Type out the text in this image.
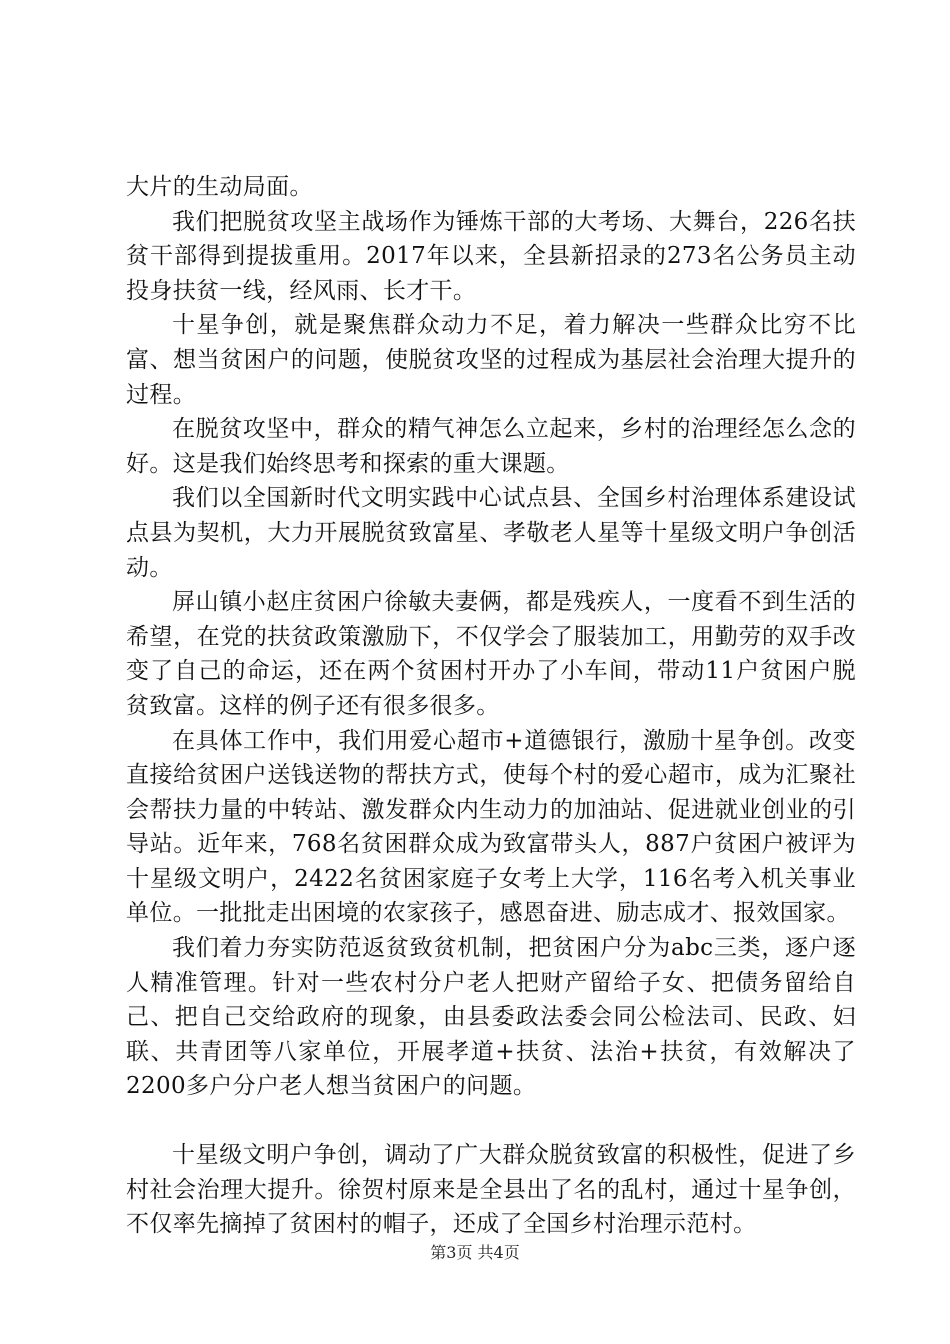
大片的生动局面。

我们把脱贫攻坚主战场作为锤炼干部的大考场、大舞台，226名扶贫干部得到提拔重用。2017年以来，全县新招录的273名公务员主动投身扶贫一线，经风雨、长才干。

十星争创，就是聚焦群众动力不足，着力解决一些群众比穷不比富、想当贫困户的问题，使脱贫攻坚的过程成为基层社会治理大提升的过程。

在脱贫攻坚中，群众的精气神怎么立起来，乡村的治理经怎么念的好。这是我们始终思考和探索的重大课题。

我们以全国新时代文明实践中心试点县、全国乡村治理体系建设试点县为契机，大力开展脱贫致富星、孝敬老人星等十星级文明户争创活动。

屏山镇小赵庄贫困户徐敏夫妻俩，都是残疾人，一度看不到生活的希望，在党的扶贫政策激励下，不仅学会了服装加工，用勤劳的双手改变了自己的命运，还在两个贫困村开办了小车间，带动11户贫困户脱贫致富。这样的例子还有很多很多。

在具体工作中，我们用爱心超市+道德银行，激励十星争创。改变直接给贫困户送钱送物的帮扶方式，使每个村的爱心超市，成为汇聚社会帮扶力量的中转站、激发群众内生动力的加油站、促进就业创业的引导站。近年来，768名贫困群众成为致富带头人，887户贫困户被评为十星级文明户，2422名贫困家庭子女考上大学，116名考入机关事业单位。一批批走出困境的农家孩子，感恩奋进、励志成才、报效国家。

我们着力夯实防范返贫致贫机制，把贫困户分为abc三类，逐户逐人精准管理。针对一些农村分户老人把财产留给子女、把债务留给自己、把自己交给政府的现象，由县委政法委会同公检法司、民政、妇联、共青团等八家单位，开展孝道+扶贫、法治+扶贫，有效解决了2200多户分户老人想当贫困户的问题。

十星级文明户争创，调动了广大群众脱贫致富的积极性，促进了乡村社会治理大提升。徐贺村原来是全县出了名的乱村，通过十星争创，不仅率先摘掉了贫困村的帽子，还成了全国乡村治理示范村。

第3页 共4页
